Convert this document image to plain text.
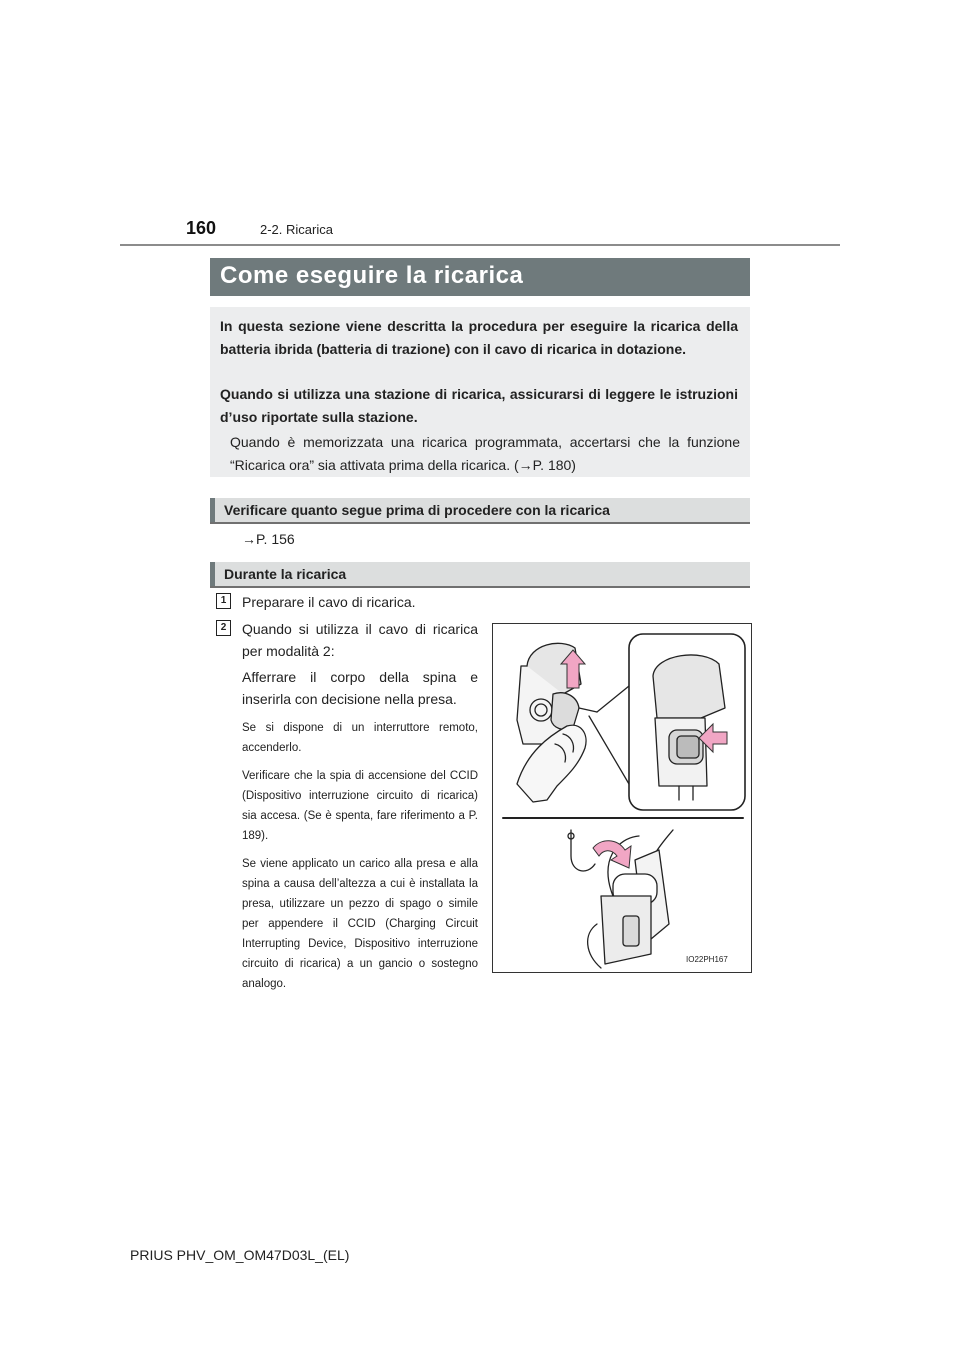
160	2-2. Ricarica
Come eseguire la ricarica
In questa sezione viene descritta la procedura per eseguire la ricarica della batteria ibrida (batteria di trazione) con il cavo di ricarica in dotazione.
Quando si utilizza una stazione di ricarica, assicurarsi di leggere le istruzioni d’uso riportate sulla stazione.
Quando è memorizzata una ricarica programmata, accertarsi che la funzione “Ricarica ora” sia attivata prima della ricarica. (→P. 180)
Verificare quanto segue prima di procedere con la ricarica
→P. 156
Durante la ricarica
1	Preparare il cavo di ricarica.
2	Quando si utilizza il cavo di ricarica per modalità 2:

Afferrare il corpo della spina e inserirla con decisione nella presa.

Se si dispone di un interruttore remoto, accenderlo.

Verificare che la spia di accensione del CCID (Dispositivo interruzione circuito di ricarica) sia accesa. (Se è spenta, fare riferimento a P. 189).

Se viene applicato un carico alla presa e alla spina a causa dell’altezza a cui è installata la presa, utilizzare un pezzo di spago o simile per appendere il CCID (Charging Circuit Interrupting Device, Dispositivo interruzione circuito di ricarica) a un gancio o sostegno analogo.

IO22PH167
PRIUS PHV_OM_OM47D03L_(EL)
